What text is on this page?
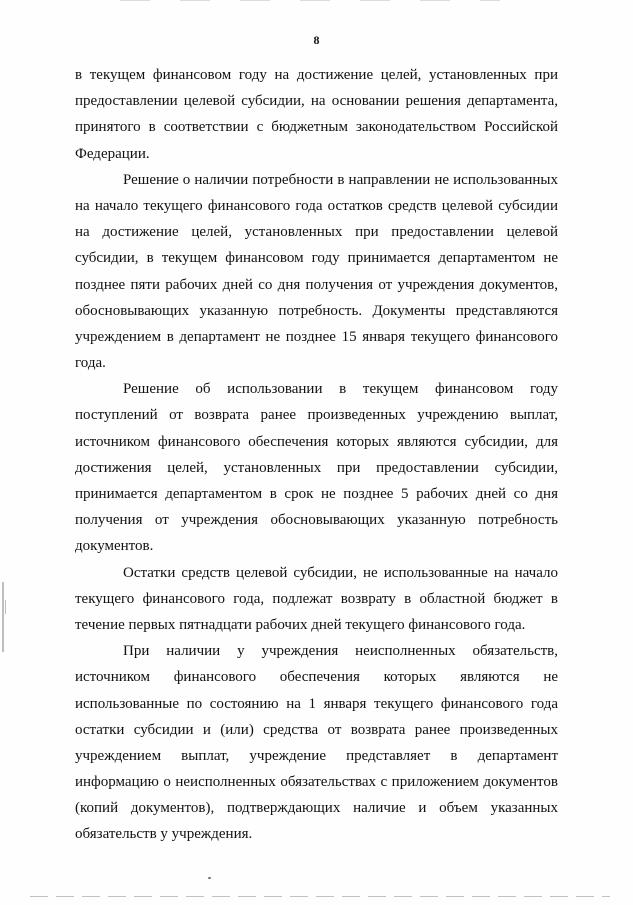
8
в текущем финансовом году на достижение целей, установленных при
предоставлении целевой субсидии, на основании решения департамента,
принятого в соответствии с бюджетным законодательством Российской
Федерации.
Решение о наличии потребности в направлении не использованных
на начало текущего финансового года остатков средств целевой субсидии
на достижение целей, установленных при предоставлении целевой
субсидии, в текущем финансовом году принимается департаментом не
позднее пяти рабочих дней со дня получения от учреждения документов,
обосновывающих указанную потребность. Документы представляются
учреждением в департамент не позднее 15 января текущего финансового
года.
Решение об использовании в текущем финансовом году
поступлений от возврата ранее произведенных учреждению выплат,
источником финансового обеспечения которых являются субсидии, для
достижения целей, установленных при предоставлении субсидии,
принимается департаментом в срок не позднее 5 рабочих дней со дня
получения от учреждения обосновывающих указанную потребность
документов.
Остатки средств целевой субсидии, не использованные на начало
текущего финансового года, подлежат возврату в областной бюджет в
течение первых пятнадцати рабочих дней текущего финансового года.
При наличии у учреждения неисполненных обязательств,
источником финансового обеспечения которых являются не
использованные по состоянию на 1 января текущего финансового года
остатки субсидии и (или) средства от возврата ранее произведенных
учреждением выплат, учреждение представляет в департамент
информацию о неисполненных обязательствах с приложением документов
(копий документов), подтверждающих наличие и объем указанных
обязательств у учреждения.
